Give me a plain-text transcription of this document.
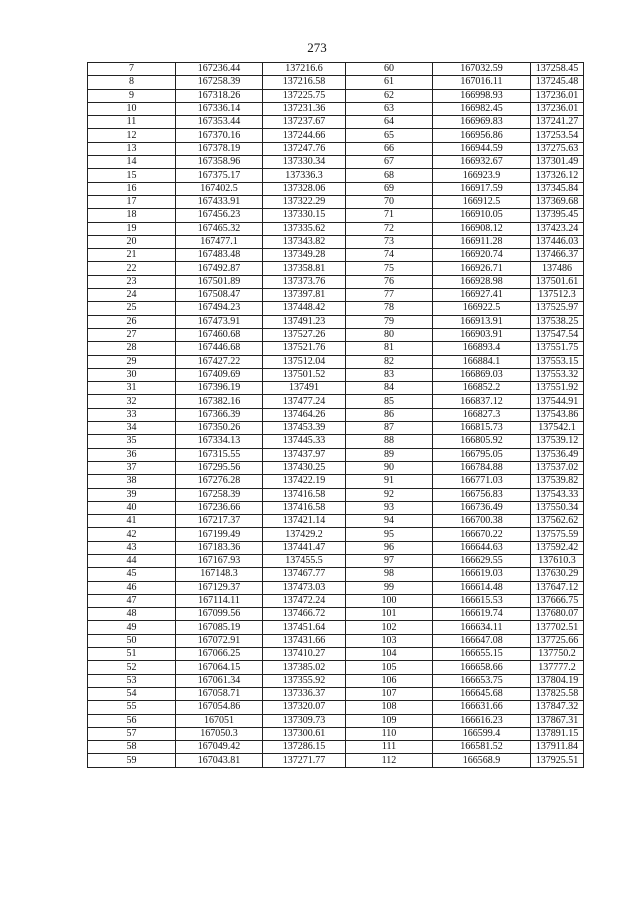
273
7	167236.44	137216.6	60	167032.59	137258.45
8	167258.39	137216.58	61	167016.11	137245.48
9	167318.26	137225.75	62	166998.93	137236.01
10	167336.14	137231.36	63	166982.45	137236.01
11	167353.44	137237.67	64	166969.83	137241.27
12	167370.16	137244.66	65	166956.86	137253.54
13	167378.19	137247.76	66	166944.59	137275.63
14	167358.96	137330.34	67	166932.67	137301.49
15	167375.17	137336.3	68	166923.9	137326.12
16	167402.5	137328.06	69	166917.59	137345.84
17	167433.91	137322.29	70	166912.5	137369.68
18	167456.23	137330.15	71	166910.05	137395.45
19	167465.32	137335.62	72	166908.12	137423.24
20	167477.1	137343.82	73	166911.28	137446.03
21	167483.48	137349.28	74	166920.74	137466.37
22	167492.87	137358.81	75	166926.71	137486
23	167501.89	137373.76	76	166928.98	137501.61
24	167508.47	137397.81	77	166927.41	137512.3
25	167494.23	137448.42	78	166922.5	137525.97
26	167473.91	137491.23	79	166913.91	137538.25
27	167460.68	137527.26	80	166903.91	137547.54
28	167446.68	137521.76	81	166893.4	137551.75
29	167427.22	137512.04	82	166884.1	137553.15
30	167409.69	137501.52	83	166869.03	137553.32
31	167396.19	137491	84	166852.2	137551.92
32	167382.16	137477.24	85	166837.12	137544.91
33	167366.39	137464.26	86	166827.3	137543.86
34	167350.26	137453.39	87	166815.73	137542.1
35	167334.13	137445.33	88	166805.92	137539.12
36	167315.55	137437.97	89	166795.05	137536.49
37	167295.56	137430.25	90	166784.88	137537.02
38	167276.28	137422.19	91	166771.03	137539.82
39	167258.39	137416.58	92	166756.83	137543.33
40	167236.66	137416.58	93	166736.49	137550.34
41	167217.37	137421.14	94	166700.38	137562.62
42	167199.49	137429.2	95	166670.22	137575.59
43	167183.36	137441.47	96	166644.63	137592.42
44	167167.93	137455.5	97	166629.55	137610.3
45	167148.3	137467.77	98	166619.03	137630.29
46	167129.37	137473.03	99	166614.48	137647.12
47	167114.11	137472.24	100	166615.53	137666.75
48	167099.56	137466.72	101	166619.74	137680.07
49	167085.19	137451.64	102	166634.11	137702.51
50	167072.91	137431.66	103	166647.08	137725.66
51	167066.25	137410.27	104	166655.15	137750.2
52	167064.15	137385.02	105	166658.66	137777.2
53	167061.34	137355.92	106	166653.75	137804.19
54	167058.71	137336.37	107	166645.68	137825.58
55	167054.86	137320.07	108	166631.66	137847.32
56	167051	137309.73	109	166616.23	137867.31
57	167050.3	137300.61	110	166599.4	137891.15
58	167049.42	137286.15	111	166581.52	137911.84
59	167043.81	137271.77	112	166568.9	137925.51
